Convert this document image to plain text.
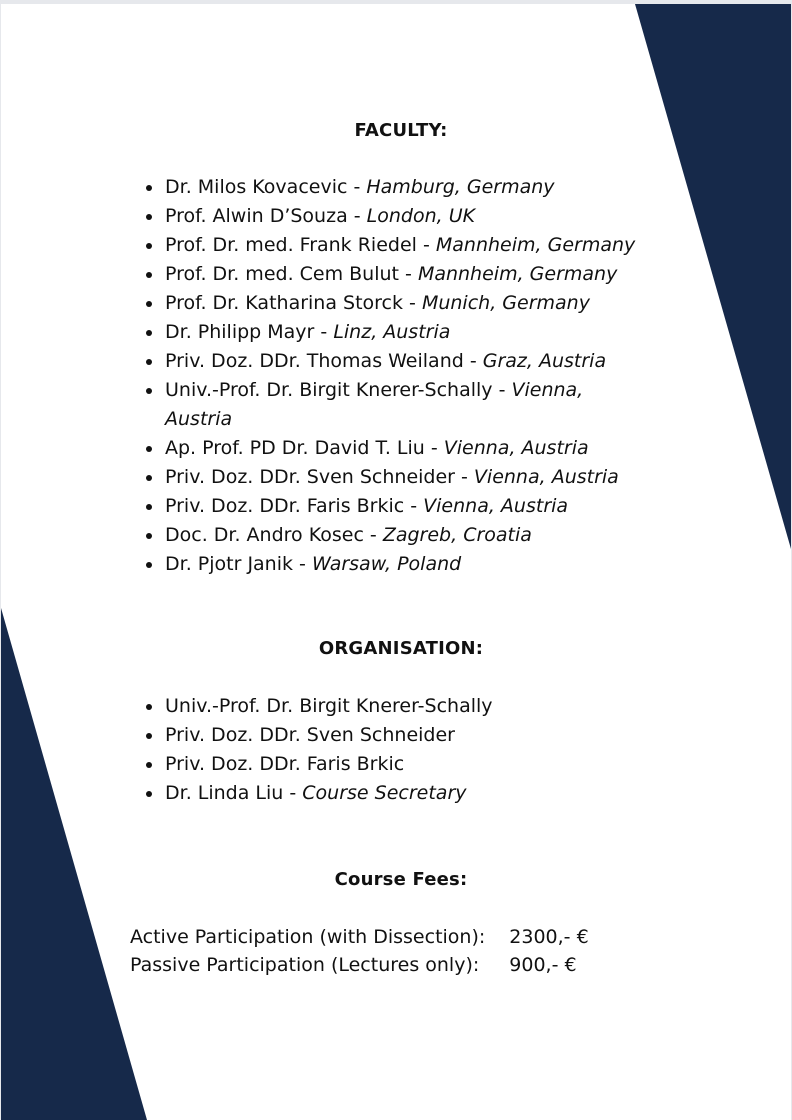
FACULTY:
Dr. Milos Kovacevic - Hamburg, Germany
Prof. Alwin D’Souza - London, UK
Prof. Dr. med. Frank Riedel - Mannheim, Germany
Prof. Dr. med. Cem Bulut - Mannheim, Germany
Prof. Dr. Katharina Storck - Munich, Germany
Dr. Philipp Mayr - Linz, Austria
Priv. Doz. DDr. Thomas Weiland - Graz, Austria
Univ.-Prof. Dr. Birgit Knerer-Schally - Vienna, Austria
Ap. Prof. PD Dr. David T. Liu - Vienna, Austria
Priv. Doz. DDr. Sven Schneider - Vienna, Austria
Priv. Doz. DDr. Faris Brkic - Vienna, Austria
Doc. Dr. Andro Kosec - Zagreb, Croatia
Dr. Pjotr Janik - Warsaw, Poland
ORGANISATION:
Univ.-Prof. Dr. Birgit Knerer-Schally
Priv. Doz. DDr. Sven Schneider
Priv. Doz. DDr. Faris Brkic
Dr. Linda Liu - Course Secretary
Course Fees:
Active Participation (with Dissection):	2300,- €
Passive Participation (Lectures only):	900,- €
